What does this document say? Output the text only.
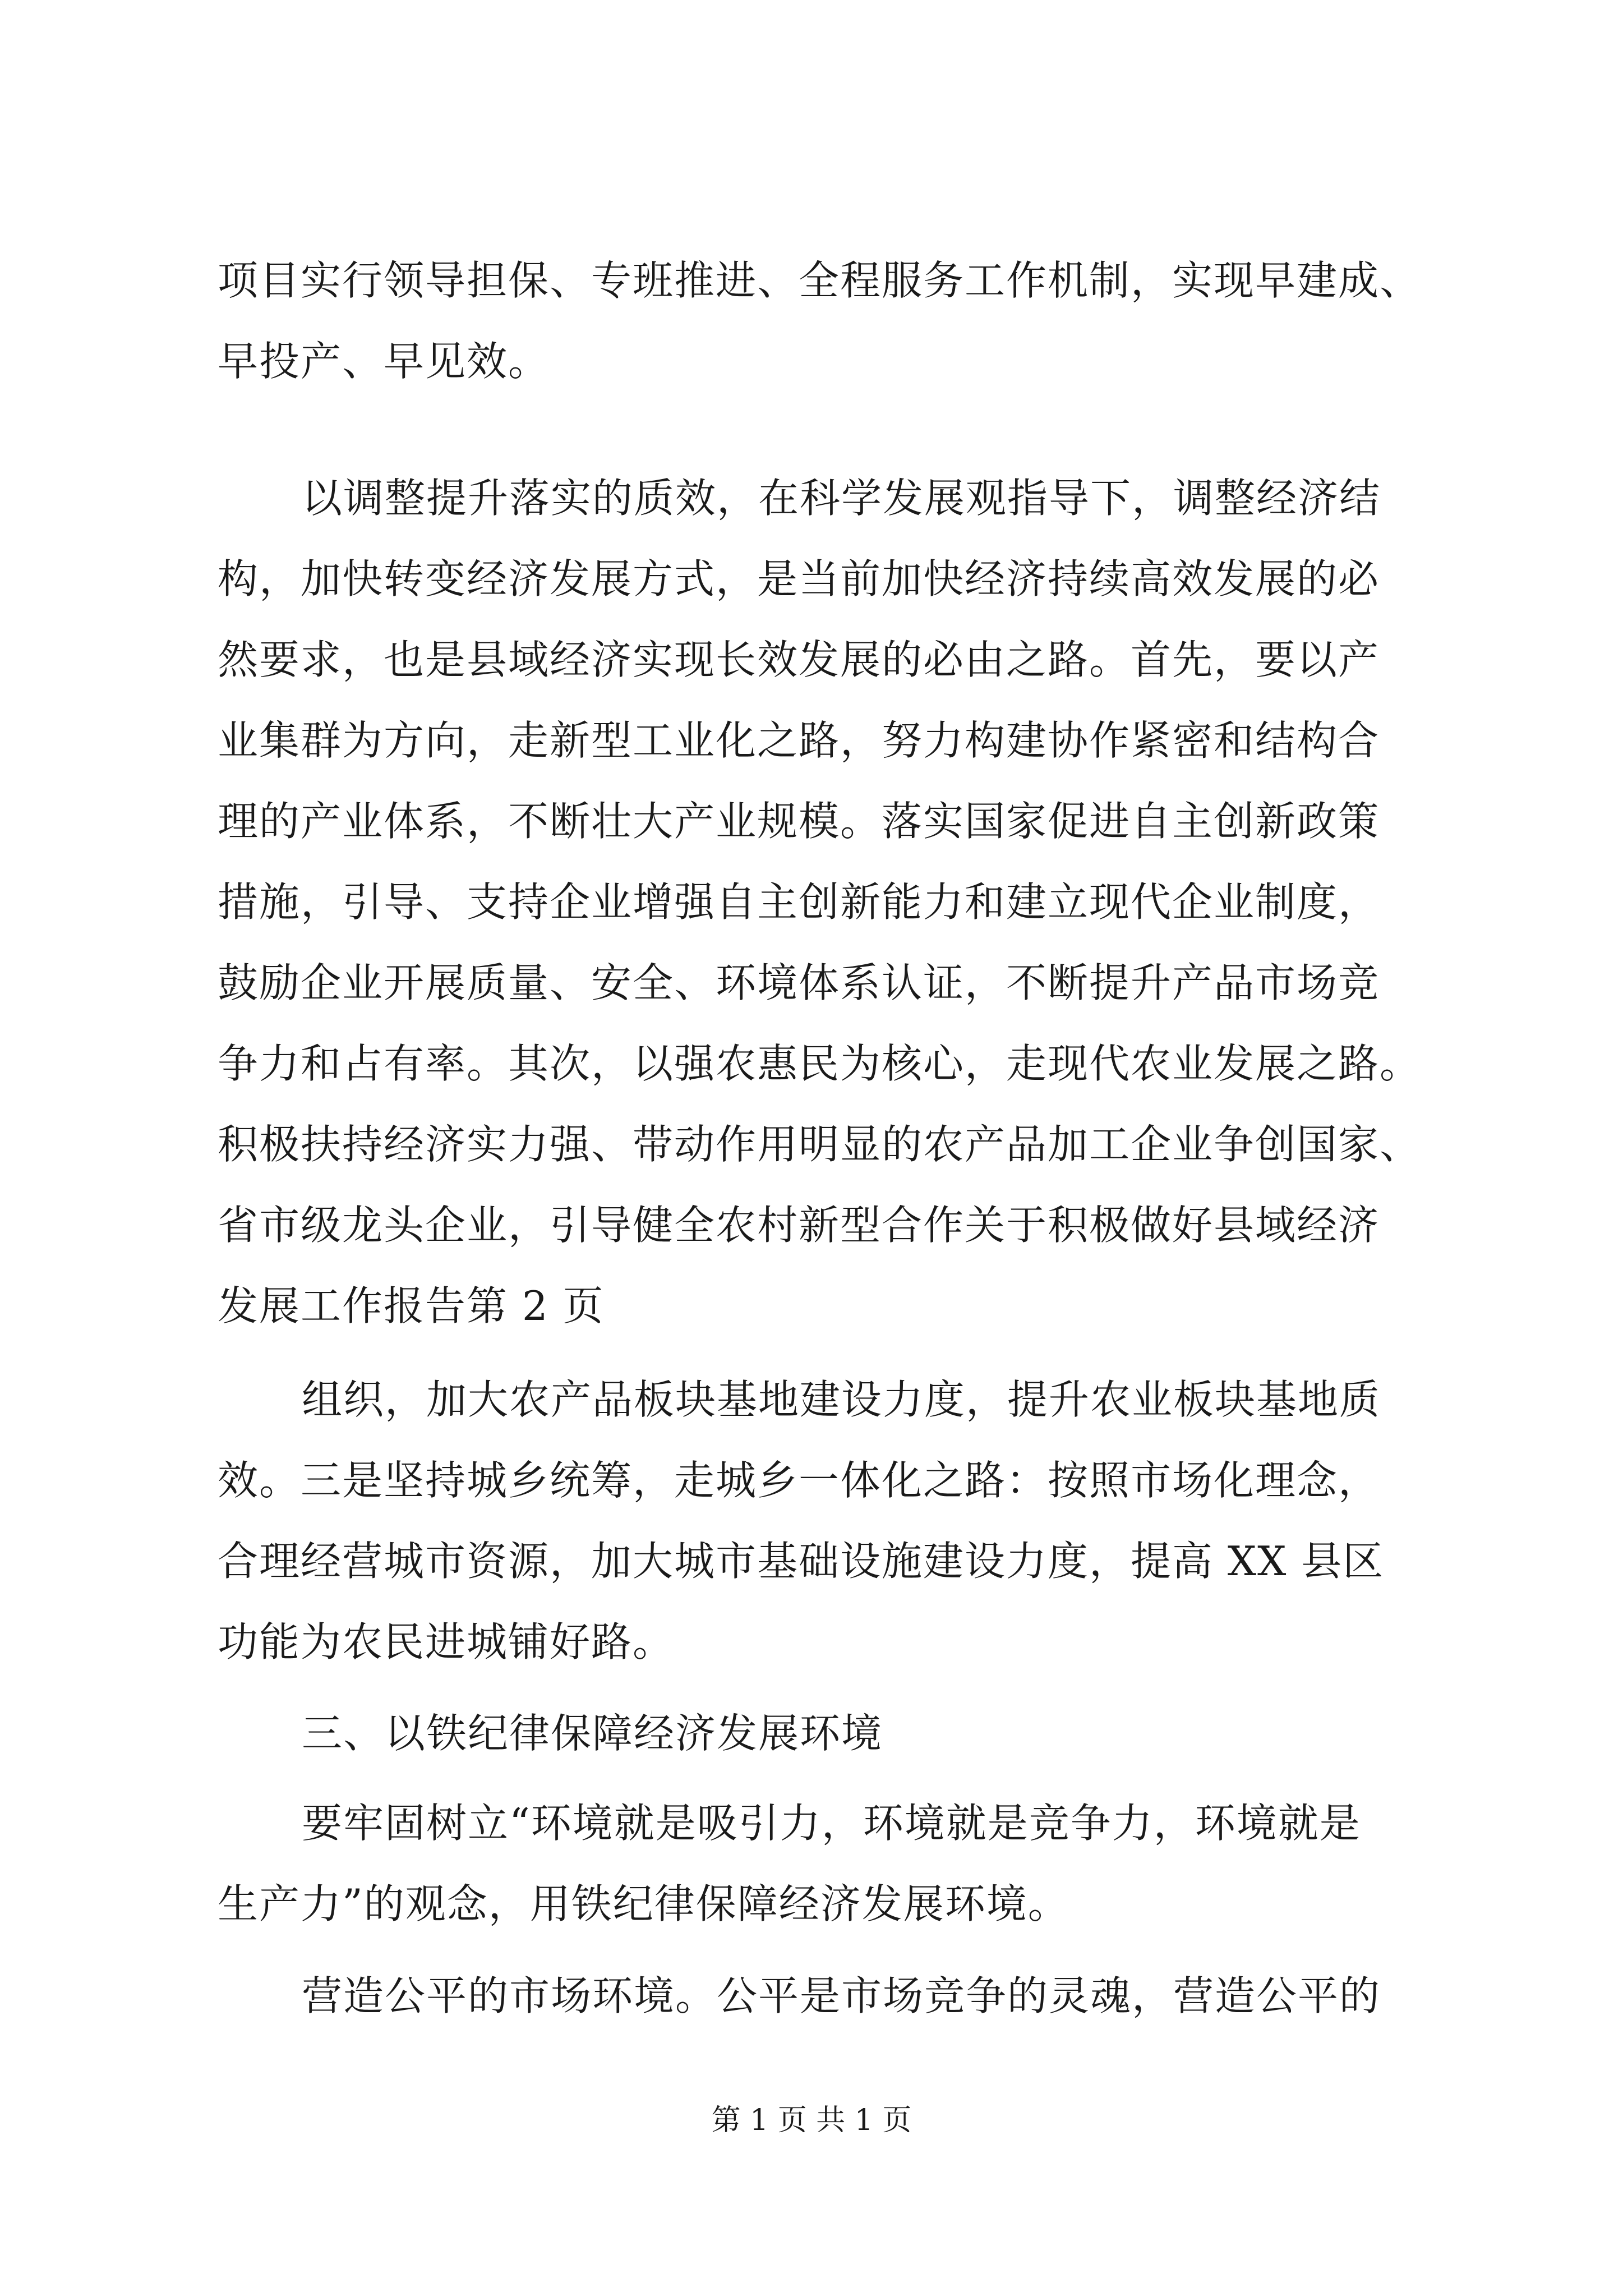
项目实行领导担保、专班推进、全程服务工作机制，实现早建成、
早投产、早见效。
以调整提升落实的质效，在科学发展观指导下，调整经济结
构，加快转变经济发展方式，是当前加快经济持续高效发展的必
然要求，也是县域经济实现长效发展的必由之路。首先，要以产
业集群为方向，走新型工业化之路，努力构建协作紧密和结构合
理的产业体系，不断壮大产业规模。落实国家促进自主创新政策
措施，引导、支持企业增强自主创新能力和建立现代企业制度，
鼓励企业开展质量、安全、环境体系认证，不断提升产品市场竞
争力和占有率。其次，以强农惠民为核心，走现代农业发展之路。
积极扶持经济实力强、带动作用明显的农产品加工企业争创国家、
省市级龙头企业，引导健全农村新型合作关于积极做好县域经济
发展工作报告第 2 页
组织，加大农产品板块基地建设力度，提升农业板块基地质
效。三是坚持城乡统筹，走城乡一体化之路：按照市场化理念，
合理经营城市资源，加大城市基础设施建设力度，提高 XX 县区
功能为农民进城铺好路。
三、以铁纪律保障经济发展环境
要牢固树立“环境就是吸引力，环境就是竞争力，环境就是
生产力”的观念，用铁纪律保障经济发展环境。
营造公平的市场环境。公平是市场竞争的灵魂，营造公平的
第 1 页 共 1 页
